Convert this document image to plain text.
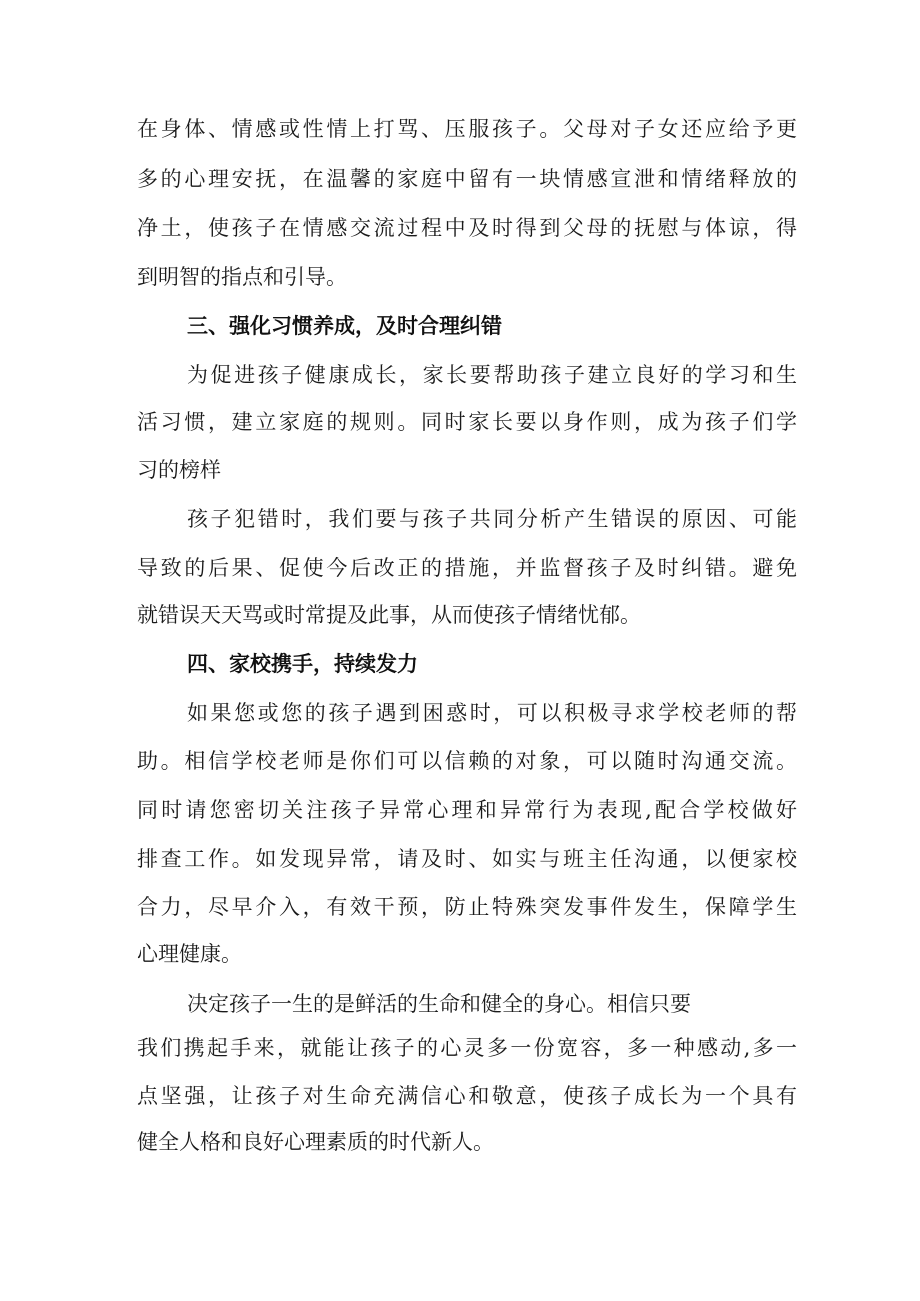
在身体、情感或性情上打骂、压服孩子。父母对子女还应给予更

多的心理安抚，在温馨的家庭中留有一块情感宣泄和情绪释放的

净土，使孩子在情感交流过程中及时得到父母的抚慰与体谅，得

到明智的指点和引导。

三、强化习惯养成，及时合理纠错

为促进孩子健康成长，家长要帮助孩子建立良好的学习和生

活习惯，建立家庭的规则。同时家长要以身作则，成为孩子们学

习的榜样

孩子犯错时，我们要与孩子共同分析产生错误的原因、可能

导致的后果、促使今后改正的措施，并监督孩子及时纠错。避免

就错误天天骂或时常提及此事，从而使孩子情绪忧郁。

四、家校携手，持续发力

如果您或您的孩子遇到困惑时，可以积极寻求学校老师的帮

助。相信学校老师是你们可以信赖的对象，可以随时沟通交流。

同时请您密切关注孩子异常心理和异常行为表现,配合学校做好

排查工作。如发现异常，请及时、如实与班主任沟通，以便家校

合力，尽早介入，有效干预，防止特殊突发事件发生，保障学生

心理健康。

决定孩子一生的是鲜活的生命和健全的身心。相信只要

我们携起手来，就能让孩子的心灵多一份宽容，多一种感动,多一

点坚强，让孩子对生命充满信心和敬意，使孩子成长为一个具有

健全人格和良好心理素质的时代新人。
